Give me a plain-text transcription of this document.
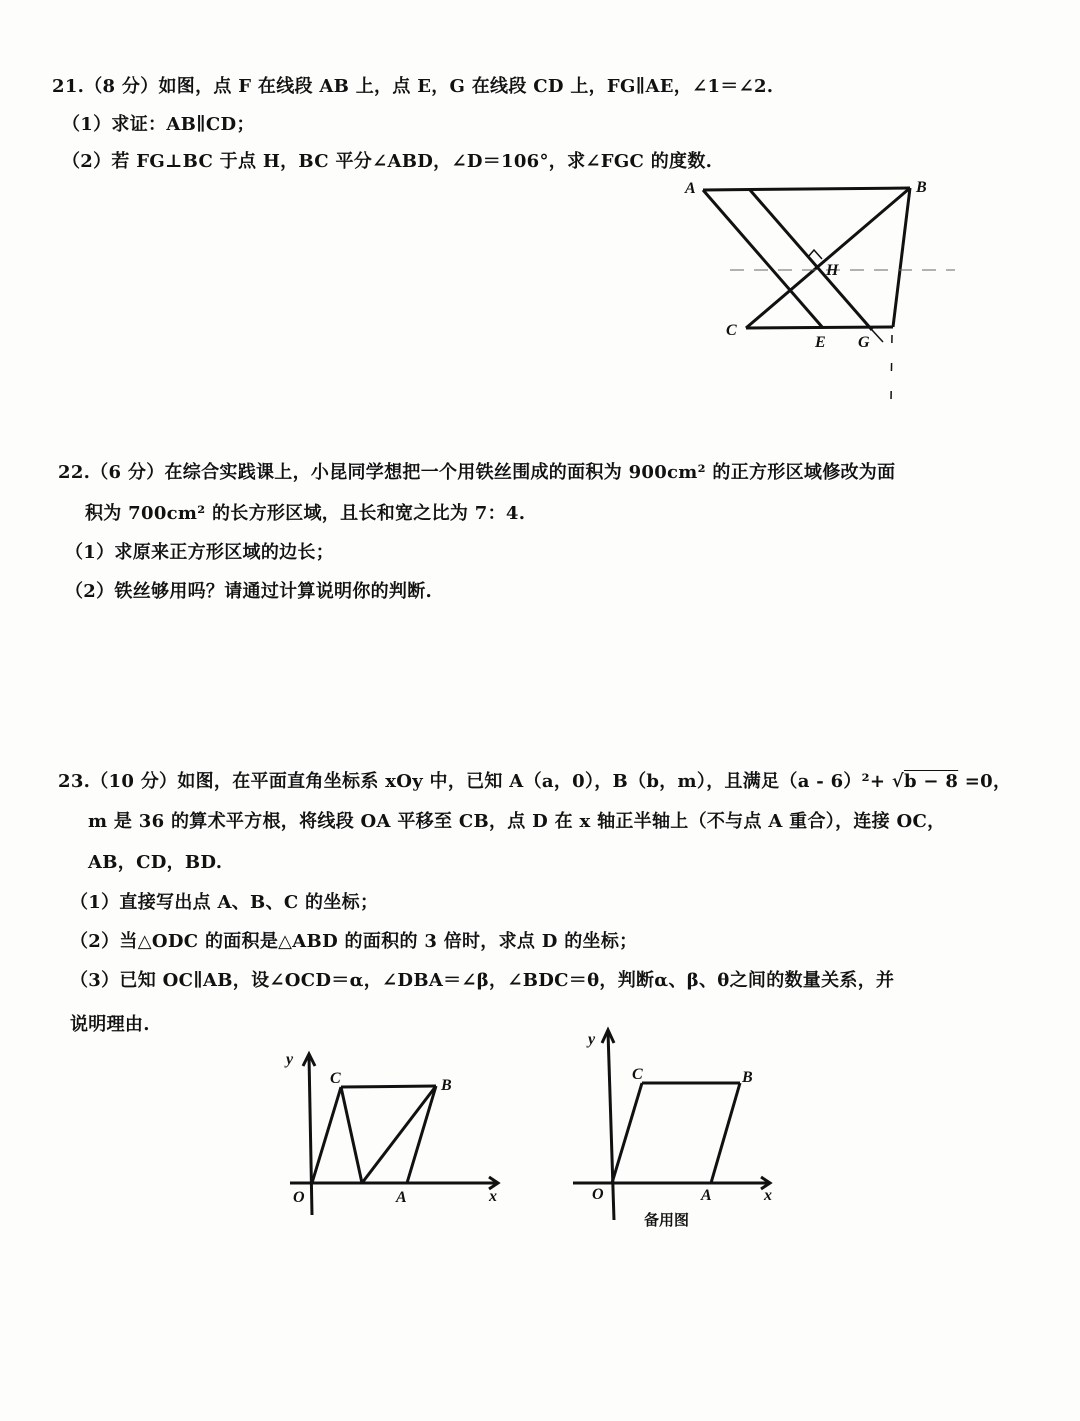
21.（8 分）如图，点 F 在线段 AB 上，点 E，G 在线段 CD 上，FG∥AE，∠1＝∠2.
（1）求证：AB∥CD；
（2）若 FG⊥BC 于点 H，BC 平分∠ABD，∠D＝106°，求∠FGC 的度数.
A	B
C
E G
H
y
C	B
O	A	x
y
C	B
O	A	x
备用图
22.（6 分）在综合实践课上，小昆同学想把一个用铁丝围成的面积为 900cm² 的正方形区域修改为面
积为 700cm² 的长方形区域，且长和宽之比为 7：4.
（1）求原来正方形区域的边长；
（2）铁丝够用吗？请通过计算说明你的判断.
23.（10 分）如图，在平面直角坐标系 xOy 中，已知 A（a，0），B（b，m），且满足（a - 6）²+ √b − 8 =0，
m 是 36 的算术平方根，将线段 OA 平移至 CB，点 D 在 x 轴正半轴上（不与点 A 重合），连接 OC，
AB，CD，BD.
（1）直接写出点 A、B、C 的坐标；
（2）当△ODC 的面积是△ABD 的面积的 3 倍时，求点 D 的坐标；
（3）已知 OC∥AB，设∠OCD＝α，∠DBA＝∠β，∠BDC＝θ，判断α、β、θ之间的数量关系，并
说明理由.
